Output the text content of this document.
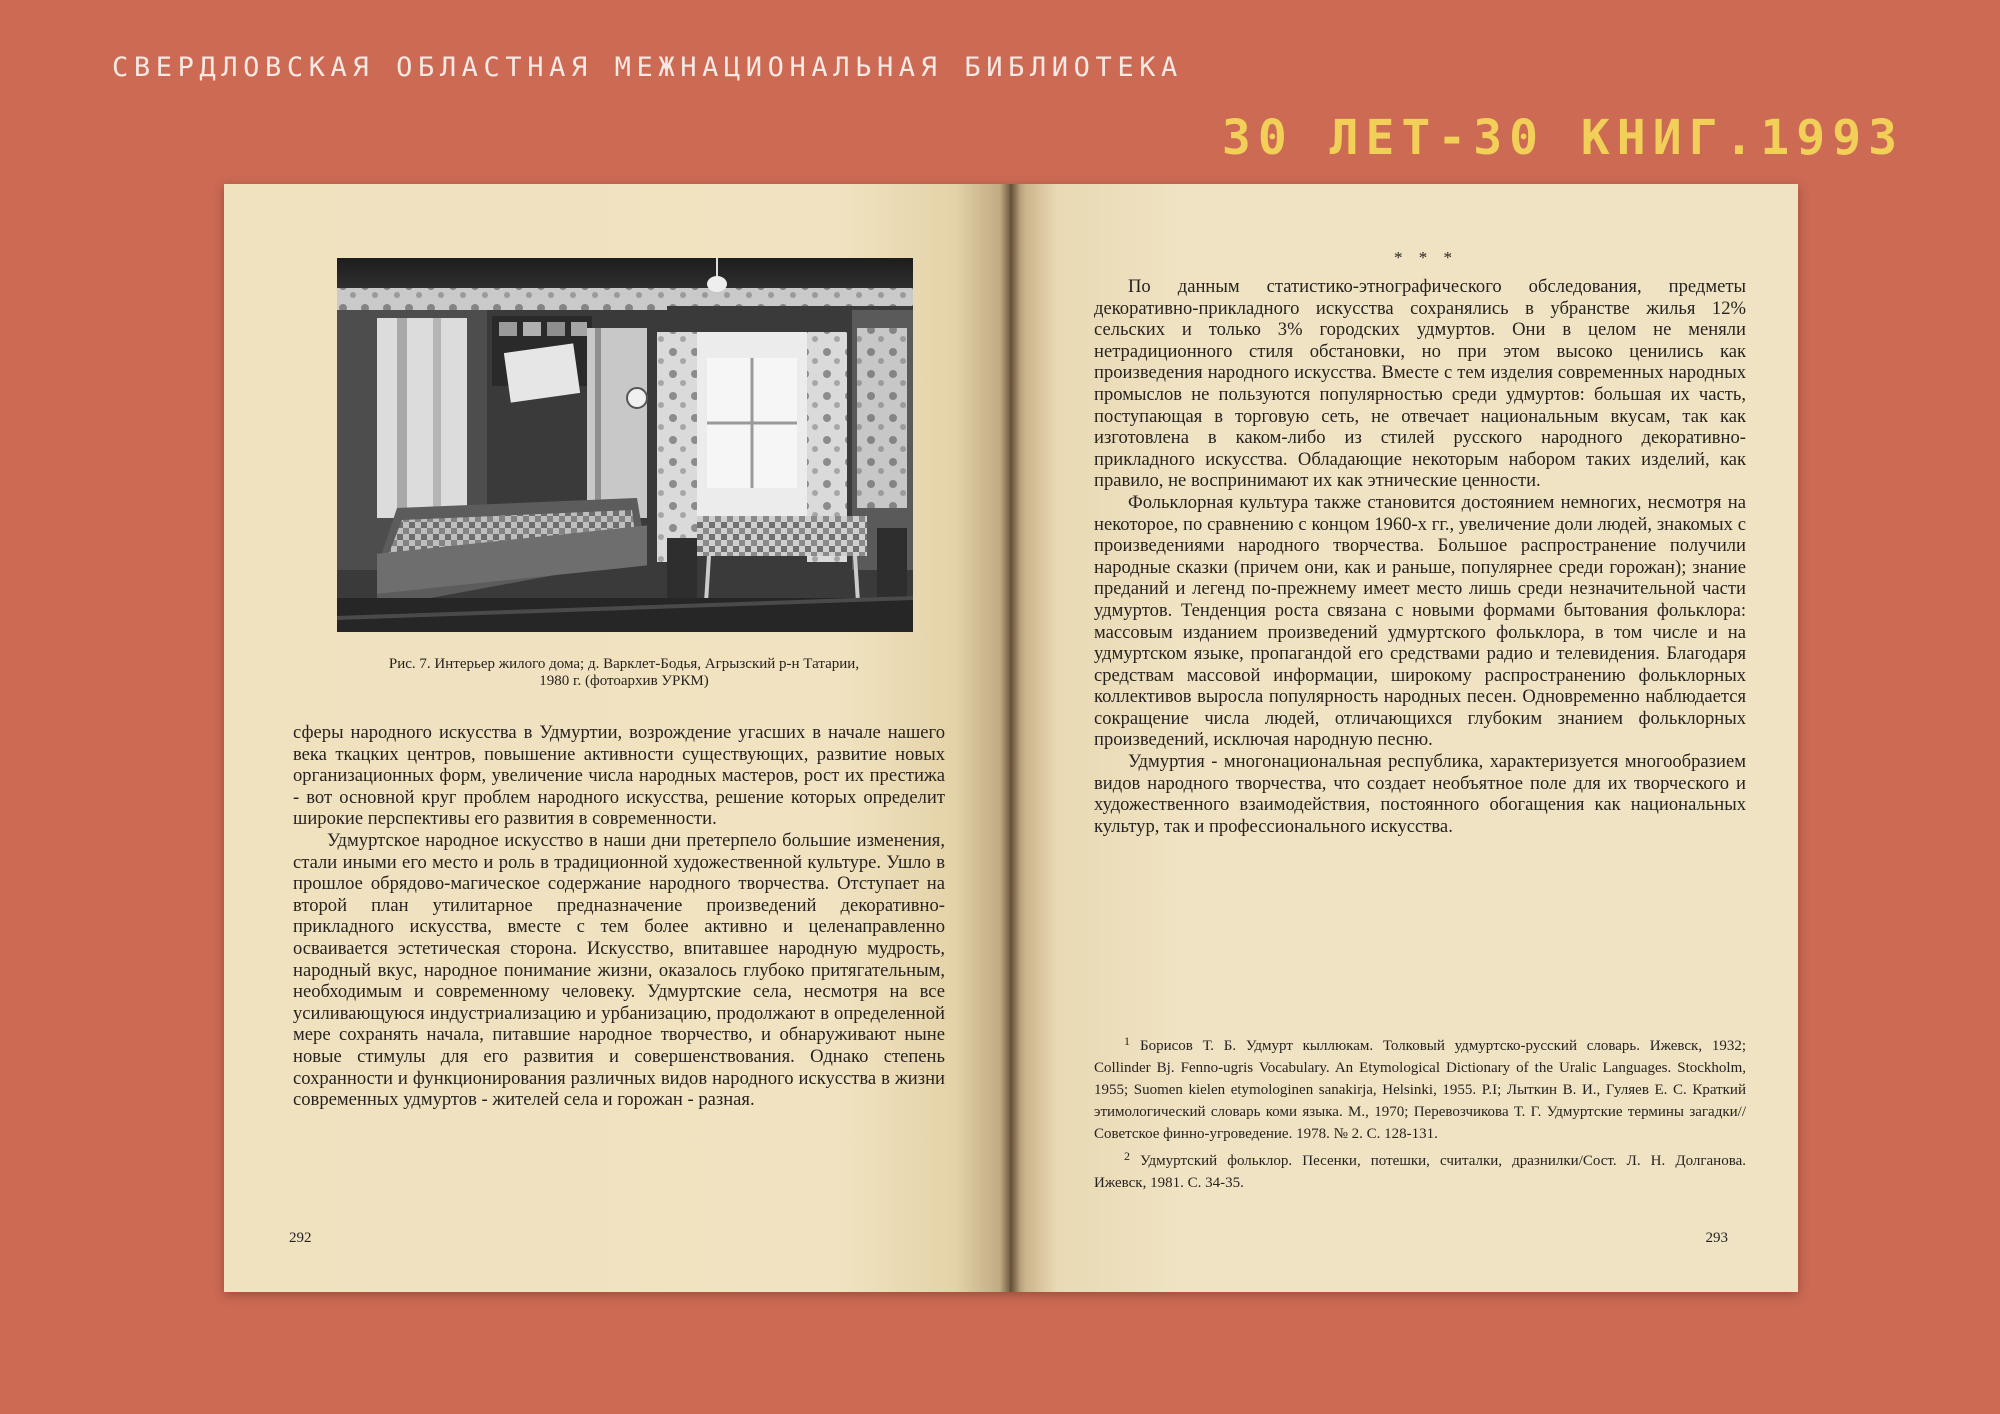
СВЕРДЛОВСКАЯ ОБЛАСТНАЯ МЕЖНАЦИОНАЛЬНАЯ БИБЛИОТЕКА
30 ЛЕТ-30 КНИГ.1993
Рис. 7. Интерьер жилого дома; д. Варклет-Бодья, Агрызский р-н Татарии,
1980 г. (фотоархив УРКМ)

сферы народного искусства в Удмуртии, возрождение угасших в начале нашего века ткацких центров, повышение активности существующих, развитие новых организационных форм, увеличение числа народных мастеров, рост их престижа - вот основной круг проблем народного искусства, решение которых определит широкие перспективы его развития в современности.

Удмуртское народное искусство в наши дни претерпело большие изменения, стали иными его место и роль в традиционной художественной культуре. Ушло в прошлое обрядово-магическое содержание народного творчества. Отступает на второй план утилитарное предназначение произведений декоративно-прикладного искусства, вместе с тем более активно и целенаправленно осваивается эстетическая сторона. Искусство, впитавшее народную мудрость, народный вкус, народное понимание жизни, оказалось глубоко притягательным, необходимым и современному человеку. Удмуртские села, несмотря на все усиливающуюся индустриализацию и урбанизацию, продолжают в определенной мере сохранять начала, питавшие народное творчество, и обнаруживают ныне новые стимулы для его развития и совершенствования. Однако степень сохранности и функционирования различных видов народного искусства в жизни современных удмуртов - жителей села и горожан - разная.

292
* * *

По данным статистико-этнографического обследования, предметы декоративно-прикладного искусства сохранялись в убранстве жилья 12% сельских и только 3% городских удмуртов. Они в целом не меняли нетрадиционного стиля обстановки, но при этом высоко ценились как произведения народного искусства. Вместе с тем изделия современных народных промыслов не пользуются популярностью среди удмуртов: большая их часть, поступающая в торговую сеть, не отвечает национальным вкусам, так как изготовлена в каком-либо из стилей русского народного декоративно-прикладного искусства. Обладающие некоторым набором таких изделий, как правило, не воспринимают их как этнические ценности.

Фольклорная культура также становится достоянием немногих, несмотря на некоторое, по сравнению с концом 1960-х гг., увеличение доли людей, знакомых с произведениями народного творчества. Большое распространение получили народные сказки (причем они, как и раньше, популярнее среди горожан); знание преданий и легенд по-прежнему имеет место лишь среди незначительной части удмуртов. Тенденция роста связана с новыми формами бытования фольклора: массовым изданием произведений удмуртского фольклора, в том числе и на удмуртском языке, пропагандой его средствами радио и телевидения. Благодаря средствам массовой информации, широкому распространению фольклорных коллективов выросла популярность народных песен. Одновременно наблюдается сокращение числа людей, отличающихся глубоким знанием фольклорных произведений, исключая народную песню.

Удмуртия - многонациональная республика, характеризуется многообразием видов народного творчества, что создает необъятное поле для их творческого и художественного взаимодействия, постоянного обогащения как национальных культур, так и профессионального искусства.

$^1$ Борисов Т. Б. Удмурт кыллюкам. Толковый удмуртско-русский словарь. Ижевск, 1932; Collinder Bj. Fenno-ugris Vocabulary. An Etymological Dictionary of the Uralic Languages. Stockholm, 1955; Suomen kielen etymologinen sanakirja, Helsinki, 1955. P.I; Лыткин В. И., Гуляев Е. С. Краткий этимологический словарь коми языка. М., 1970; Перевозчикова Т. Г. Удмуртские термины загадки//Советское финно-угроведение. 1978. № 2. С. 128-131.

$^2$ Удмуртский фольклор. Песенки, потешки, считалки, дразнилки/Сост. Л. Н. Долганова. Ижевск, 1981. С. 34-35.

293
